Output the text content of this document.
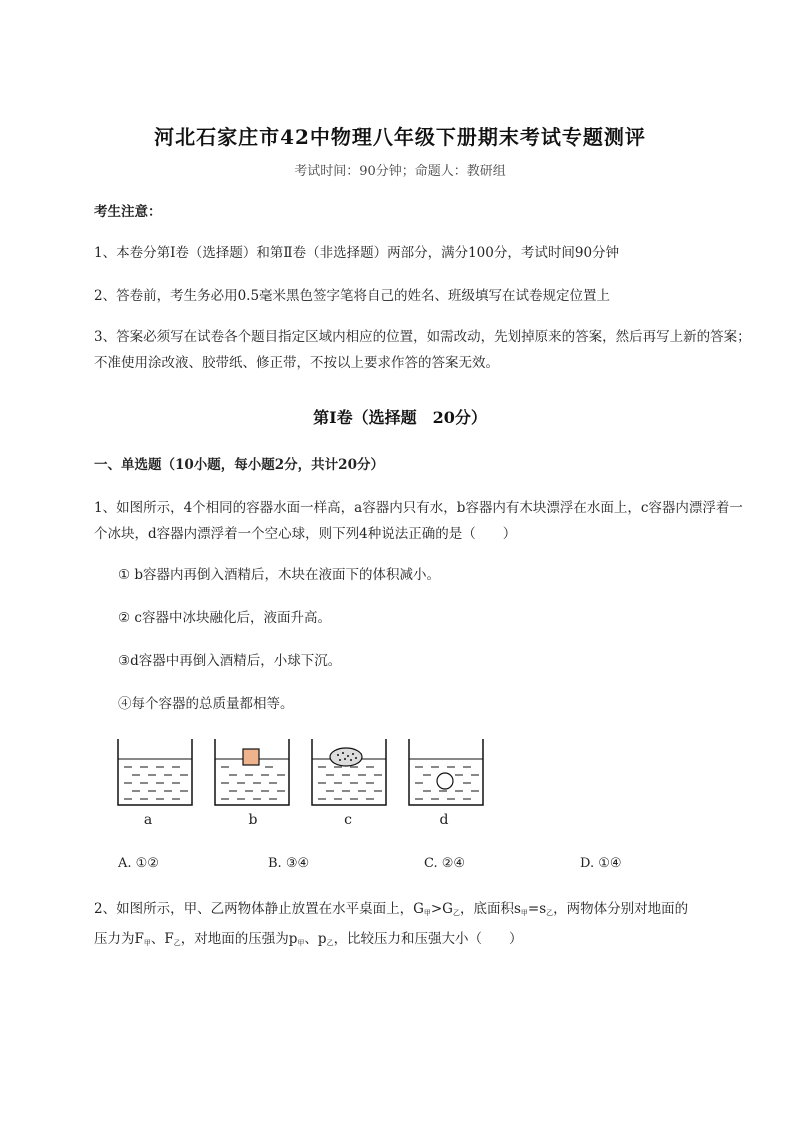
河北石家庄市42中物理八年级下册期末考试专题测评
考试时间：90分钟；命题人：教研组
考生注意：
1、本卷分第I卷（选择题）和第Ⅱ卷（非选择题）两部分，满分100分，考试时间90分钟
2、答卷前，考生务必用0.5毫米黑色签字笔将自己的姓名、班级填写在试卷规定位置上
3、答案必须写在试卷各个题目指定区域内相应的位置，如需改动，先划掉原来的答案，然后再写上新的答案；不准使用涂改液、胶带纸、修正带，不按以上要求作答的答案无效。
第I卷（选择题　20分）
一、单选题（10小题，每小题2分，共计20分）
1、如图所示，4个相同的容器水面一样高，a容器内只有水，b容器内有木块漂浮在水面上，c容器内漂浮着一个冰块，d容器内漂浮着一个空心球，则下列4种说法正确的是（　　）
① b容器内再倒入酒精后，木块在液面下的体积减小。
② c容器中冰块融化后，液面升高。
③d容器中再倒入酒精后，小球下沉。
④每个容器的总质量都相等。
a	b	c	d
A. ①②	B. ③④	C. ②④	D. ①④
2、如图所示，甲、乙两物体静止放置在水平桌面上，$G_甲>G_乙$，底面积$s_甲=s_乙$，两物体分别对地面的
压力为$F_甲$、$F_乙$，对地面的压强为$p_甲$、$p_乙$，比较压力和压强大小（　　）
